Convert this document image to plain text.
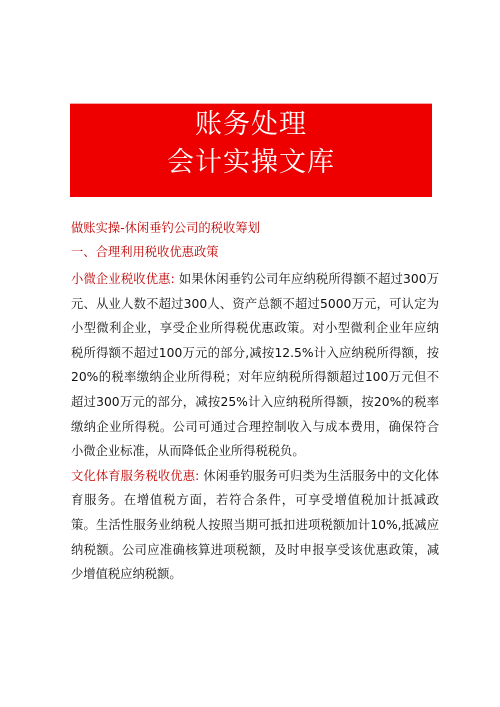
账务处理
会计实操文库
做账实操-休闲垂钓公司的税收筹划
一、合理利用税收优惠政策

小微企业税收优惠: 如果休闲垂钓公司年应纳税所得额不超过300万元、从业人数不超过300人、资产总额不超过5000万元，可认定为小型微利企业，享受企业所得税优惠政策。对小型微利企业年应纳税所得额不超过100万元的部分,减按12.5%计入应纳税所得额，按20%的税率缴纳企业所得税；对年应纳税所得额超过100万元但不超过300万元的部分，减按25%计入应纳税所得额，按20%的税率缴纳企业所得税。公司可通过合理控制收入与成本费用，确保符合小微企业标准，从而降低企业所得税税负。

文化体育服务税收优惠: 休闲垂钓服务可归类为生活服务中的文化体育服务。在增值税方面，若符合条件，可享受增值税加计抵减政策。生活性服务业纳税人按照当期可抵扣进项税额加计10%,抵减应纳税额。公司应准确核算进项税额，及时申报享受该优惠政策，减少增值税应纳税额。
